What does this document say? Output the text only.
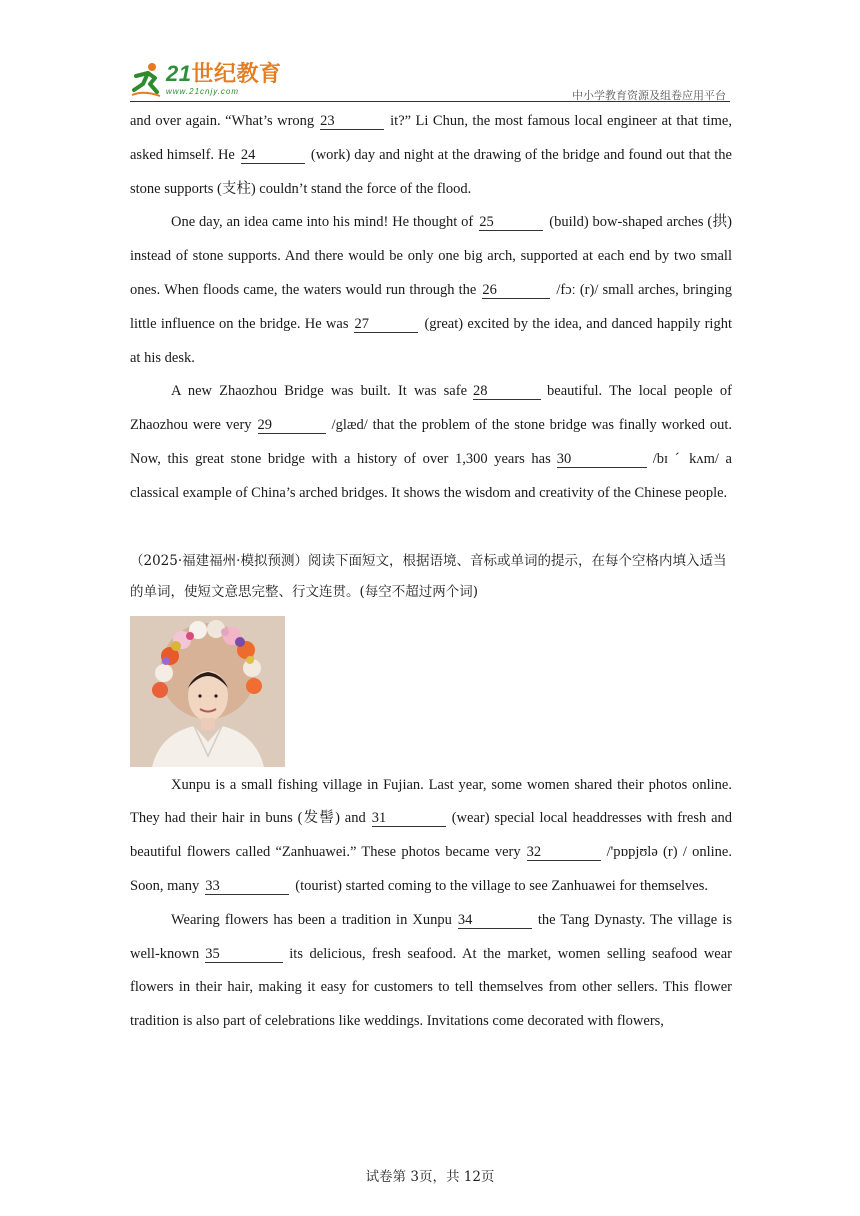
21世纪教育
www.21cnjy.com	中小学教育资源及组卷应用平台

and over again. “What’s wrong 23	it?” Li Chun, the most famous local engineer at that time, asked himself. He 24	(work) day and night at the drawing of the bridge and found out that the stone supports (支柱) couldn’t stand the force of the flood.

One day, an idea came into his mind! He thought of 25	(build) bow-shaped arches (拱) instead of stone supports. And there would be only one big arch, supported at each end by two small ones. When floods came, the waters would run through the 26	/fɔː (r)/ small arches, bringing little influence on the bridge. He was 27	(great) excited by the idea, and danced happily right at his desk.

A new Zhaozhou Bridge was built. It was safe 28	beautiful. The local people of Zhaozhou were very 29	/glæd/ that the problem of the stone bridge was finally worked out. Now, this great stone bridge with a history of over 1,300 years has 30	/bɪ ˊ kʌm/ a classical example of China’s arched bridges. It shows the wisdom and creativity of the Chinese people.

（2025·福建福州·模拟预测）阅读下面短文，根据语境、音标或单词的提示，在每个空格内填入适当的单词，使短文意思完整、行文连贯。(每空不超过两个词)

Xunpu is a small fishing village in Fujian. Last year, some women shared their photos online. They had their hair in buns (发髻) and 31	(wear) special local headdresses with fresh and beautiful flowers called “Zanhuawei.” These photos became very 32	/'pɒpjʊlə (r) / online. Soon, many 33	(tourist) started coming to the village to see Zanhuawei for themselves.

Wearing flowers has been a tradition in Xunpu 34	the Tang Dynasty. The village is well-known 35	its delicious, fresh seafood. At the market, women selling seafood wear flowers in their hair, making it easy for customers to tell themselves from other sellers. This flower tradition is also part of celebrations like weddings. Invitations come decorated with flowers,

试卷第 3页，共 12页
